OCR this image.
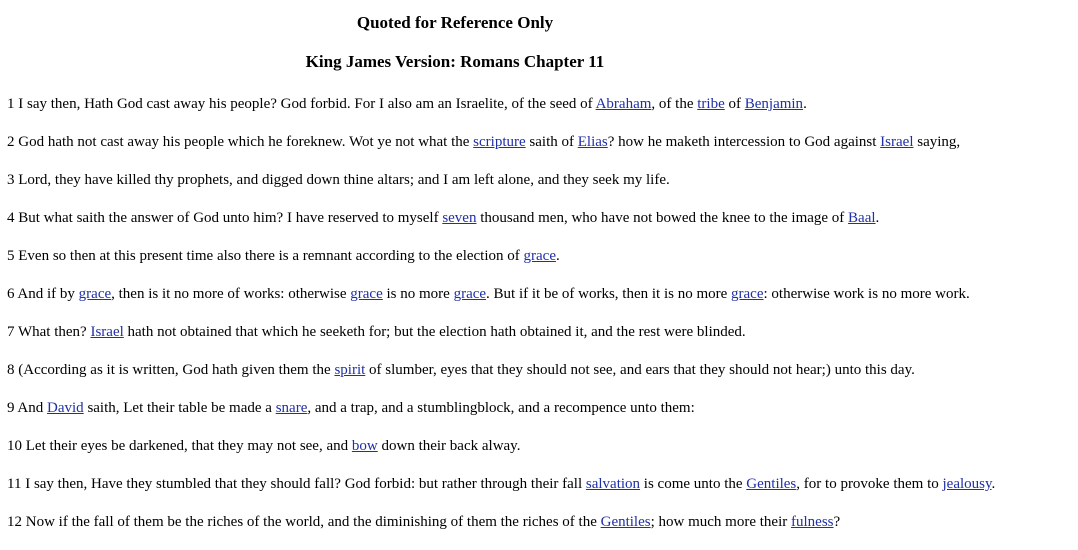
Quoted for Reference Only
King James Version: Romans Chapter 11
1 I say then, Hath God cast away his people? God forbid. For I also am an Israelite, of the seed of Abraham, of the tribe of Benjamin.
2 God hath not cast away his people which he foreknew. Wot ye not what the scripture saith of Elias? how he maketh intercession to God against Israel saying,
3 Lord, they have killed thy prophets, and digged down thine altars; and I am left alone, and they seek my life.
4 But what saith the answer of God unto him? I have reserved to myself seven thousand men, who have not bowed the knee to the image of Baal.
5 Even so then at this present time also there is a remnant according to the election of grace.
6 And if by grace, then is it no more of works: otherwise grace is no more grace. But if it be of works, then it is no more grace: otherwise work is no more work.
7 What then? Israel hath not obtained that which he seeketh for; but the election hath obtained it, and the rest were blinded.
8 (According as it is written, God hath given them the spirit of slumber, eyes that they should not see, and ears that they should not hear;) unto this day.
9 And David saith, Let their table be made a snare, and a trap, and a stumblingblock, and a recompence unto them:
10 Let their eyes be darkened, that they may not see, and bow down their back alway.
11 I say then, Have they stumbled that they should fall? God forbid: but rather through their fall salvation is come unto the Gentiles, for to provoke them to jealousy.
12 Now if the fall of them be the riches of the world, and the diminishing of them the riches of the Gentiles; how much more their fulness?
